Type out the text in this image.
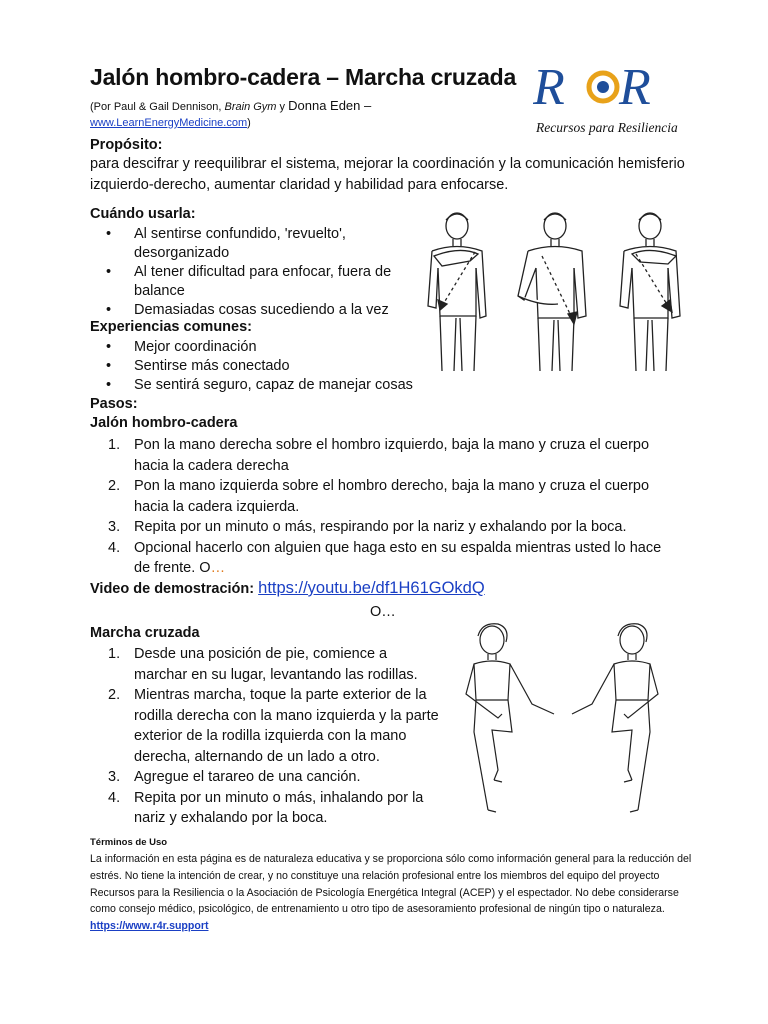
Jalón hombro-cadera – Marcha cruzada
(Por Paul & Gail Dennison, Brain Gym y Donna Eden –
www.LearnEnergyMedicine.com)
R R
Recursos para Resiliencia
Propósito:
para descifrar y reequilibrar el sistema, mejorar la coordinación y la comunicación hemisferio izquierdo-derecho, aumentar claridad y habilidad para enfocarse.
Cuándo usarla:
• Al sentirse confundido, 'revuelto', desorganizado
• Al tener dificultad para enfocar, fuera de balance
• Demasiadas cosas sucediendo a la vez
Experiencias comunes:
• Mejor coordinación
• Sentirse más conectado
• Se sentirá seguro, capaz de manejar cosas
Pasos:
Jalón hombro-cadera
1. Pon la mano derecha sobre el hombro izquierdo, baja la mano y cruza el cuerpo hacia la cadera derecha
2. Pon la mano izquierda sobre el hombro derecho, baja la mano y cruza el cuerpo hacia la cadera izquierda.
3. Repita por un minuto o más, respirando por la nariz y exhalando por la boca.
4. Opcional hacerlo con alguien que haga esto en su espalda mientras usted lo hace de frente. O…
Video de demostración: https://youtu.be/df1H61GOkdQ
O…
Marcha cruzada
1. Desde una posición de pie, comience a marchar en su lugar, levantando las rodillas.
2. Mientras marcha, toque la parte exterior de la rodilla derecha con la mano izquierda y la parte exterior de la rodilla izquierda con la mano derecha, alternando de un lado a otro.
3. Agregue el tarareo de una canción.
4. Repita por un minuto o más, inhalando por la nariz y exhalando por la boca.
Términos de Uso
La información en esta página es de naturaleza educativa y se proporciona sólo como información general para la reducción del estrés. No tiene la intención de crear, y no constituye una relación profesional entre los miembros del equipo del proyecto Recursos para la Resiliencia o la Asociación de Psicología Energética Integral (ACEP) y el espectador. No debe considerarse como consejo médico, psicológico, de entrenamiento u otro tipo de asesoramiento profesional de ningún tipo o naturaleza. https://www.r4r.support
